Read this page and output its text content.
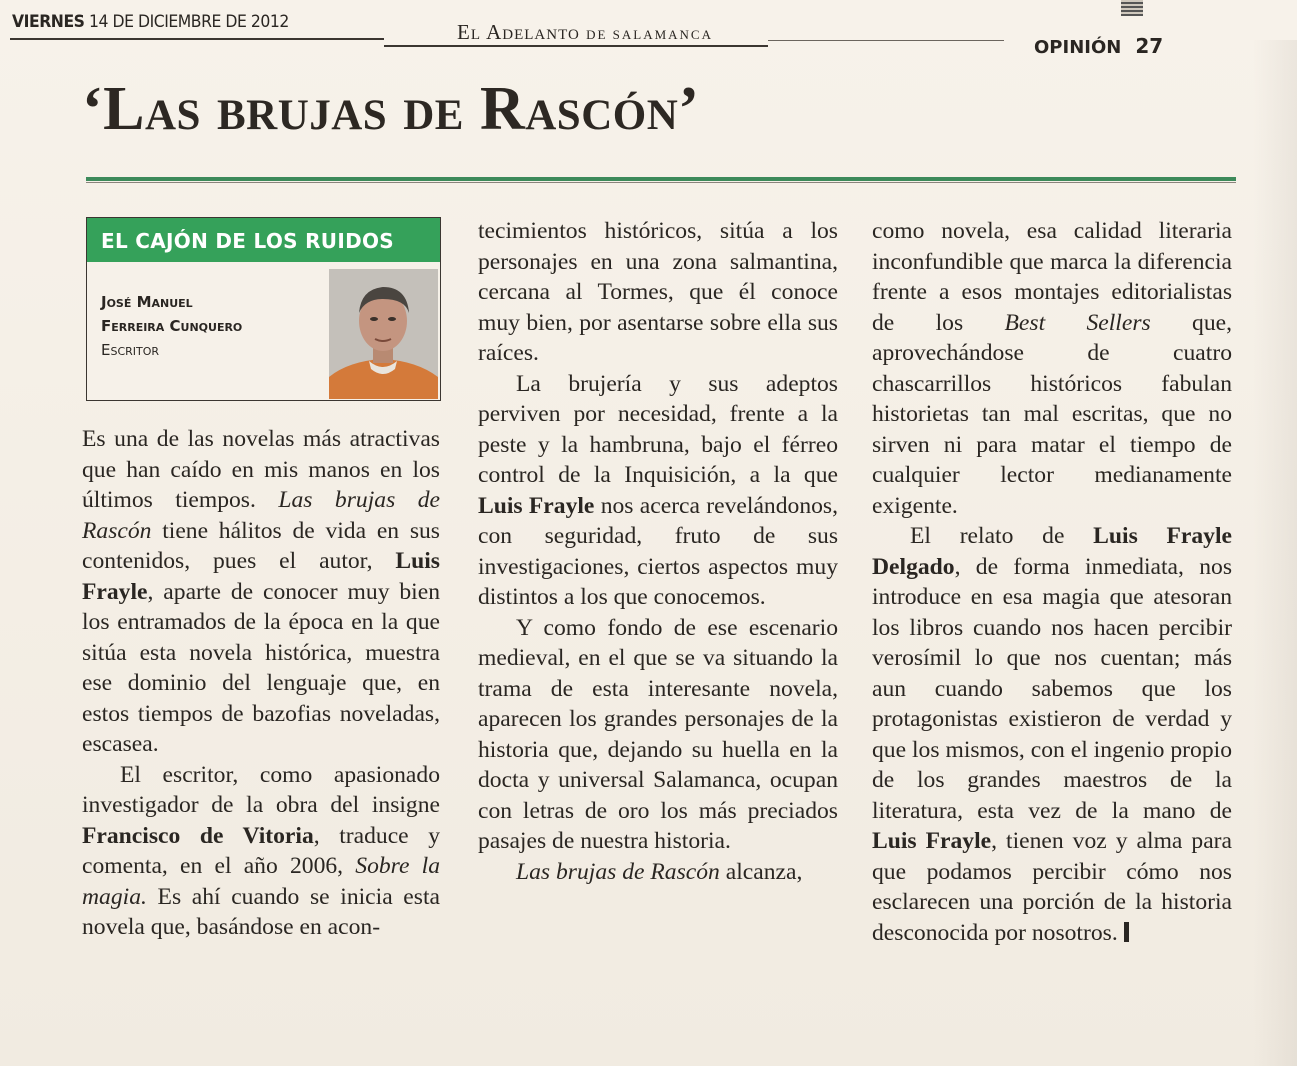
VIERNES 14 DE DICIEMBRE DE 2012	El Adelanto DE SALAMANCA
OPINIÓN 27
‘Las brujas de Rascón’
EL CAJÓN DE LOS RUIDOS
José Manuel
Ferreira Cunquero
Escritor

Es una de las novelas más atractivas que han caído en mis manos en los últimos tiempos. Las brujas de Rascón tiene hálitos de vida en sus contenidos, pues el autor, Luis Frayle, aparte de conocer muy bien los entramados de la época en la que sitúa esta novela histórica, muestra ese dominio del lenguaje que, en estos tiempos de bazofias noveladas, escasea.

El escritor, como apasionado investigador de la obra del insigne Francisco de Vitoria, traduce y comenta, en el año 2006, Sobre la magia. Es ahí cuando se inicia esta novela que, basándose en acon-

tecimientos históricos, sitúa a los personajes en una zona salmantina, cercana al Tormes, que él conoce muy bien, por asentarse sobre ella sus raíces.

La brujería y sus adeptos perviven por necesidad, frente a la peste y la hambruna, bajo el férreo control de la Inquisición, a la que Luis Frayle nos acerca revelándonos, con seguridad, fruto de sus investigaciones, ciertos aspectos muy distintos a los que conocemos.

Y como fondo de ese escenario medieval, en el que se va situando la trama de esta interesante novela, aparecen los grandes personajes de la historia que, dejando su huella en la docta y universal Salamanca, ocupan con letras de oro los más preciados pasajes de nuestra historia.

Las brujas de Rascón alcanza,

como novela, esa calidad literaria inconfundible que marca la diferencia frente a esos montajes editorialistas de los Best Sellers que, aprovechándose de cuatro chascarrillos históricos fabulan historietas tan mal escritas, que no sirven ni para matar el tiempo de cualquier lector medianamente exigente.

El relato de Luis Frayle Delgado, de forma inmediata, nos introduce en esa magia que atesoran los libros cuando nos hacen percibir verosímil lo que nos cuentan; más aun cuando sabemos que los protagonistas existieron de verdad y que los mismos, con el ingenio propio de los grandes maestros de la literatura, esta vez de la mano de Luis Frayle, tienen voz y alma para que podamos percibir cómo nos esclarecen una porción de la historia desconocida por nosotros.
